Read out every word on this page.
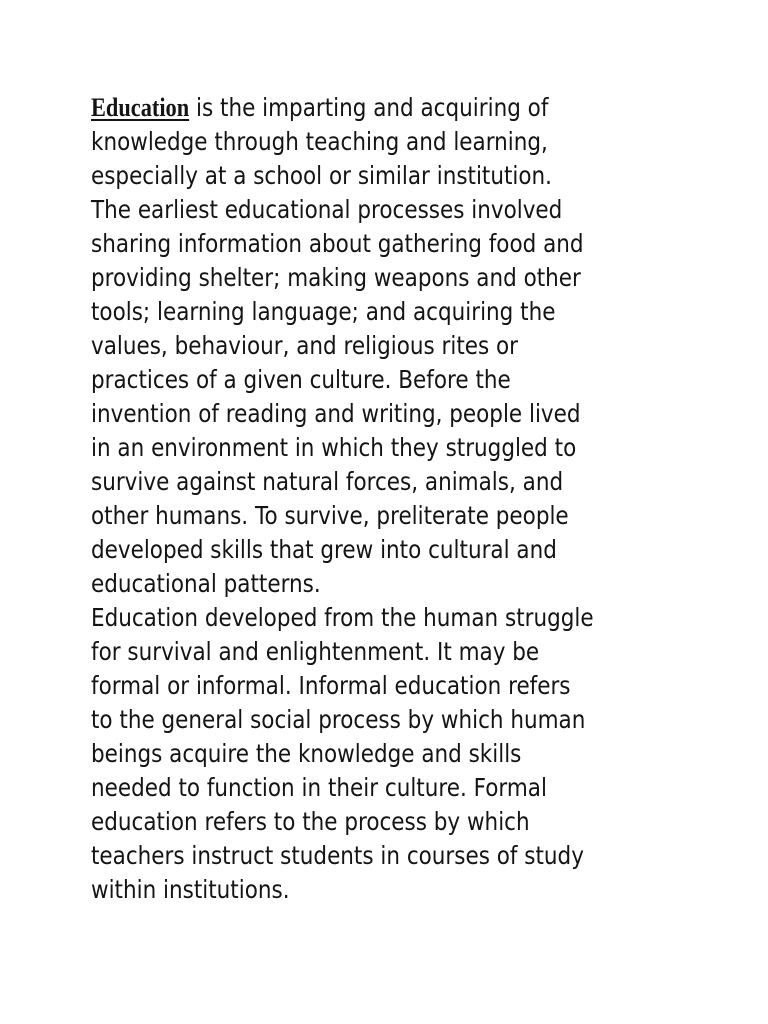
Education is the imparting and acquiring of
knowledge through teaching and learning,
especially at a school or similar institution.
The earliest educational processes involved
sharing information about gathering food and
providing shelter; making weapons and other
tools; learning language; and acquiring the
values, behaviour, and religious rites or
practices of a given culture. Before the
invention of reading and writing, people lived
in an environment in which they struggled to
survive against natural forces, animals, and
other humans. To survive, preliterate people
developed skills that grew into cultural and
educational patterns.
Education developed from the human struggle
for survival and enlightenment. It may be
formal or informal. Informal education refers
to the general social process by which human
beings acquire the knowledge and skills
needed to function in their culture. Formal
education refers to the process by which
teachers instruct students in courses of study
within institutions.
